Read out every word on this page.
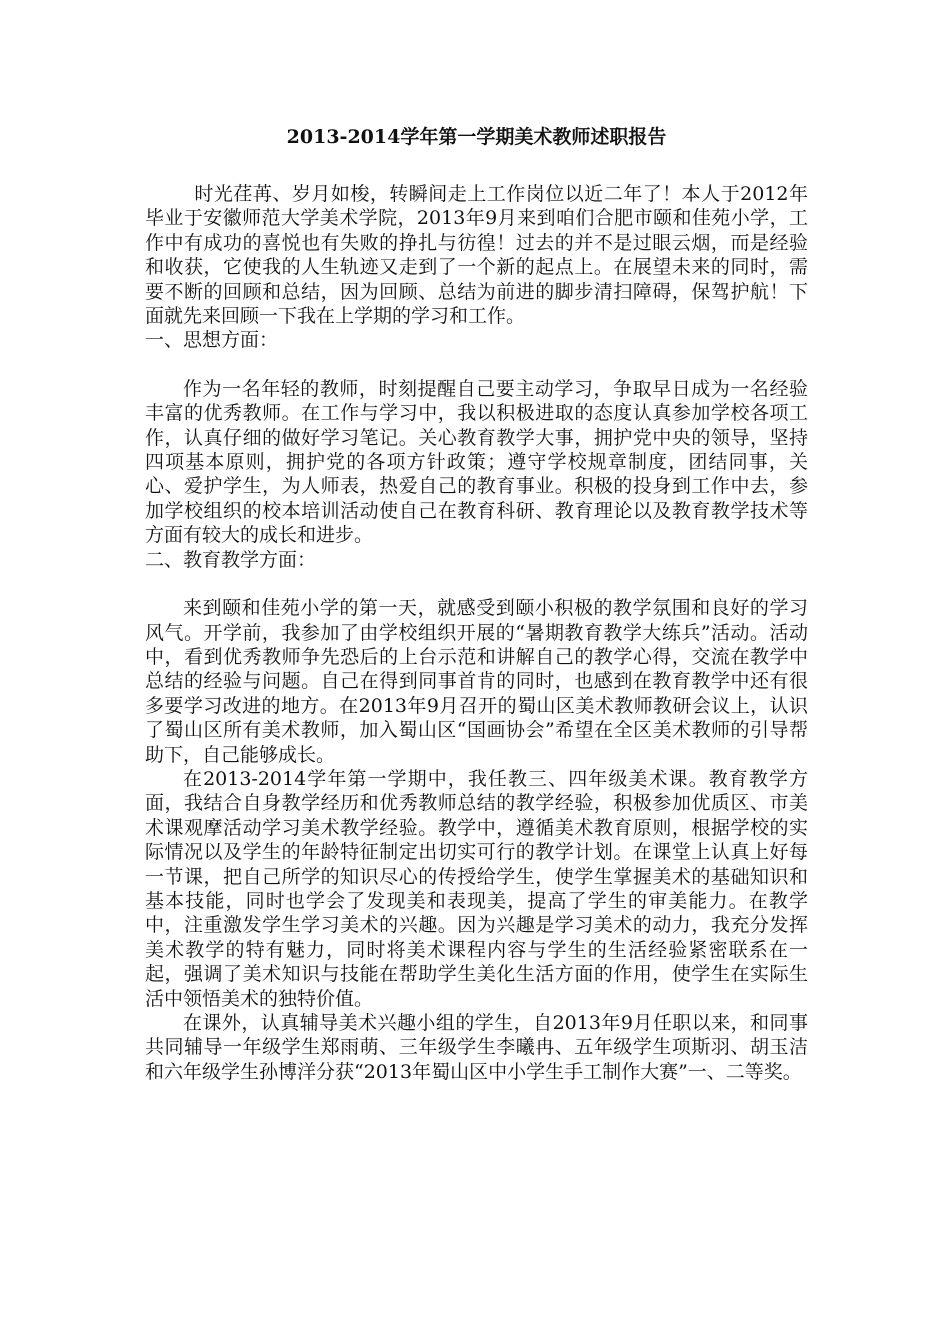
2013-2014学年第一学期美术教师述职报告

时光荏苒、岁月如梭，转瞬间走上工作岗位以近二年了！本人于2012年毕业于安徽师范大学美术学院，2013年9月来到咱们合肥市颐和佳苑小学，工作中有成功的喜悦也有失败的挣扎与彷徨！过去的并不是过眼云烟，而是经验和收获，它使我的人生轨迹又走到了一个新的起点上。在展望未来的同时，需要不断的回顾和总结，因为回顾、总结为前进的脚步清扫障碍，保驾护航！下面就先来回顾一下我在上学期的学习和工作。

一、思想方面：

作为一名年轻的教师，时刻提醒自己要主动学习，争取早日成为一名经验丰富的优秀教师。在工作与学习中，我以积极进取的态度认真参加学校各项工作，认真仔细的做好学习笔记。关心教育教学大事，拥护党中央的领导，坚持四项基本原则，拥护党的各项方针政策；遵守学校规章制度，团结同事，关心、爱护学生，为人师表，热爱自己的教育事业。积极的投身到工作中去，参加学校组织的校本培训活动使自己在教育科研、教育理论以及教育教学技术等方面有较大的成长和进步。

二、教育教学方面：

来到颐和佳苑小学的第一天，就感受到颐小积极的教学氛围和良好的学习风气。开学前，我参加了由学校组织开展的“暑期教育教学大练兵”活动。活动中，看到优秀教师争先恐后的上台示范和讲解自己的教学心得，交流在教学中总结的经验与问题。自己在得到同事首肯的同时，也感到在教育教学中还有很多要学习改进的地方。在2013年9月召开的蜀山区美术教师教研会议上，认识了蜀山区所有美术教师，加入蜀山区“国画协会”希望在全区美术教师的引导帮助下，自己能够成长。

在2013-2014学年第一学期中，我任教三、四年级美术课。教育教学方面，我结合自身教学经历和优秀教师总结的教学经验，积极参加优质区、市美术课观摩活动学习美术教学经验。教学中，遵循美术教育原则，根据学校的实际情况以及学生的年龄特征制定出切实可行的教学计划。在课堂上认真上好每一节课，把自己所学的知识尽心的传授给学生，使学生掌握美术的基础知识和基本技能，同时也学会了发现美和表现美，提高了学生的审美能力。在教学中，注重激发学生学习美术的兴趣。因为兴趣是学习美术的动力，我充分发挥美术教学的特有魅力，同时将美术课程内容与学生的生活经验紧密联系在一起，强调了美术知识与技能在帮助学生美化生活方面的作用，使学生在实际生活中领悟美术的独特价值。

在课外，认真辅导美术兴趣小组的学生，自2013年9月任职以来，和同事共同辅导一年级学生郑雨萌、三年级学生李曦冉、五年级学生项斯羽、胡玉洁和六年级学生孙博洋分获“2013年蜀山区中小学生手工制作大赛”一、二等奖。
